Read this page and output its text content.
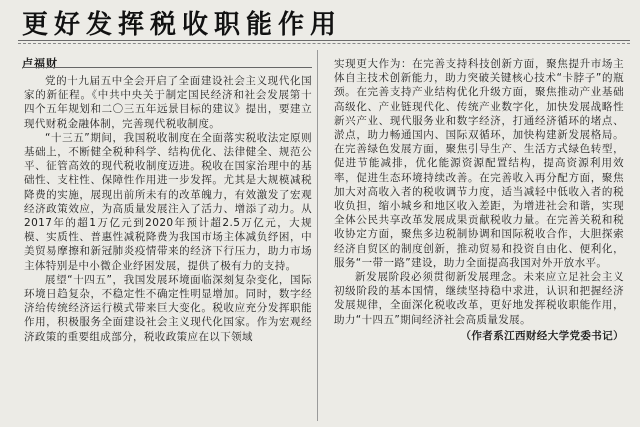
更好发挥税收职能作用
卢福财

党的十九届五中全会开启了全面建设社会主义现代化国家的新征程。《中共中央关于制定国民经济和社会发展第十四个五年规划和二〇三五年远景目标的建议》提出，要建立现代财税金融体制，完善现代税收制度。

“十三五”期间，我国税收制度在全面落实税收法定原则基础上，不断健全税种科学、结构优化、法律健全、规范公平、征管高效的现代税收制度迈进。税收在国家治理中的基础性、支柱性、保障性作用进一步发挥。尤其是大规模减税降费的实施，展现出前所未有的改革魄力，有效激发了宏观经济政策效应，为高质量发展注入了活力、增添了动力。从2017年的超1万亿元到2020年预计超2.5万亿元，大规模、实质性、普惠性减税降费为我国市场主体减负纾困，中美贸易摩擦和新冠肺炎疫情带来的经济下行压力，助力市场主体特别是中小微企业纾困发展，提供了极有力的支持。

展望“十四五”，我国发展环境面临深刻复杂变化，国际环境日趋复杂，不稳定性不确定性明显增加。同时，数字经济给传统经济运行模式带来巨大变化。税收应充分发挥职能作用，积极服务全面建设社会主义现代化国家。作为宏观经济政策的重要组成部分，税收政策应在以下领域

实现更大作为：在完善支持科技创新方面，聚焦提升市场主体自主技术创新能力，助力突破关键核心技术“卡脖子”的瓶颈。在完善支持产业结构优化升级方面，聚焦推动产业基础高级化、产业链现代化、传统产业数字化，加快发展战略性新兴产业、现代服务业和数字经济，打通经济循环的堵点、淤点，助力畅通国内、国际双循环，加快构建新发展格局。在完善绿色发展方面，聚焦引导生产、生活方式绿色转型，促进节能减排，优化能源资源配置结构，提高资源利用效率，促进生态环境持续改善。在完善收入再分配方面，聚焦加大对高收入者的税收调节力度，适当减轻中低收入者的税收负担，缩小城乡和地区收入差距，为增进社会和谐，实现全体公民共享改革发展成果贡献税收力量。在完善关税和税收协定方面，聚焦多边税制协调和国际税收合作，大胆探索经济自贸区的制度创新，推动贸易和投资自由化、便利化，服务“一带一路”建设，助力全面提高我国对外开放水平。

新发展阶段必须贯彻新发展理念。未来应立足社会主义初级阶段的基本国情，继续坚持稳中求进，认识和把握经济发展规律，全面深化税收改革，更好地发挥税收职能作用，助力“十四五”期间经济社会高质量发展。

（作者系江西财经大学党委书记）
